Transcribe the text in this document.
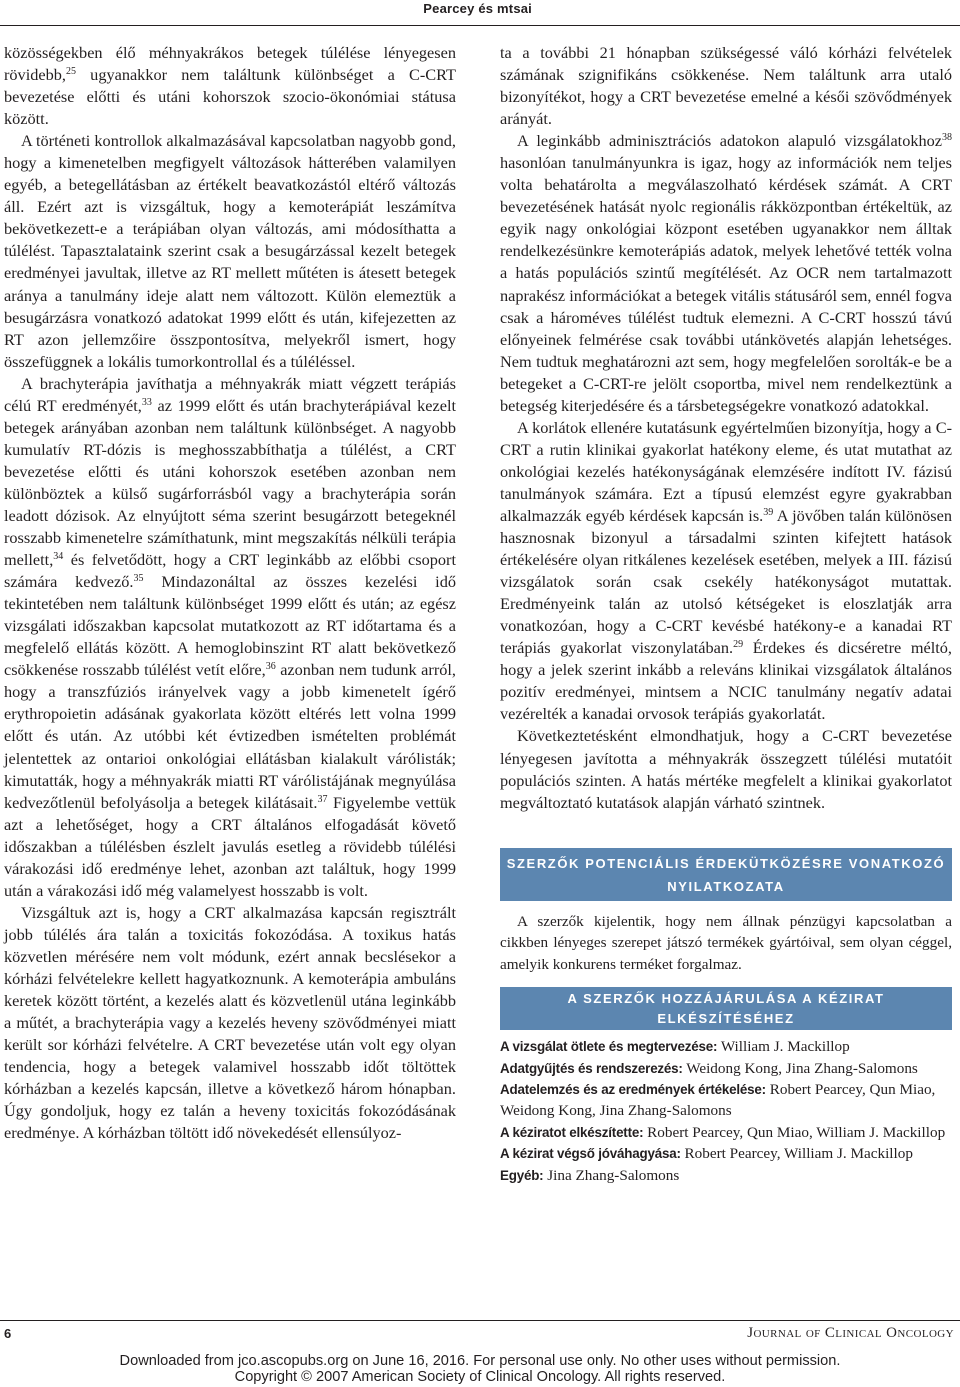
Pearcey és mtsai

közösségekben élő méhnyakrákos betegek túlélése lényegesen rövidebb,$^{25}$ ugyanakkor nem találtunk különbséget a C-CRT bevezetése előtti és utáni kohorszok szocio-ökonómiai státusa között.

A történeti kontrollok alkalmazásával kapcsolatban nagyobb gond, hogy a kimenetelben megfigyelt változások hátterében valamilyen egyéb, a betegellátásban az értékelt beavatkozástól eltérő változás áll. Ezért azt is vizsgáltuk, hogy a kemoterápiát leszámítva bekövetkezett-e a terápiában olyan változás, ami módosíthatta a túlélést. Tapasztalataink szerint csak a besugárzással kezelt betegek eredményei javultak, illetve az RT mellett műtéten is átesett betegek aránya a tanulmány ideje alatt nem változott. Külön elemeztük a besugárzásra vonatkozó adatokat 1999 előtt és után, kifejezetten az RT azon jellemzőire összpontosítva, melyekről ismert, hogy összefüggnek a lokális tumorkontrollal és a túléléssel.

A brachyterápia javíthatja a méhnyakrák miatt végzett terápiás célú RT eredményét,$^{33}$ az 1999 előtt és után brachyterápiával kezelt betegek arányában azonban nem találtunk különbséget. A nagyobb kumulatív RT-dózis is meghosszabbíthatja a túlélést, a CRT bevezetése előtti és utáni kohorszok esetében azonban nem különböztek a külső sugárforrásból vagy a brachyterápia során leadott dózisok. Az elnyújtott séma szerint besugárzott betegeknél rosszabb kimenetelre számíthatunk, mint megszakítás nélküli terápia mellett,$^{34}$ és felvetődött, hogy a CRT leginkább az előbbi csoport számára kedvező.$^{35}$ Mindazonáltal az összes kezelési idő tekintetében nem találtunk különbséget 1999 előtt és után; az egész vizsgálati időszakban kapcsolat mutatkozott az RT időtartama és a megfelelő ellátás között. A hemoglobinszint RT alatt bekövetkező csökkenése rosszabb túlélést vetít előre,$^{36}$ azonban nem tudunk arról, hogy a transzfúziós irányelvek vagy a jobb kimenetelt ígérő erythropoietin adásának gyakorlata között eltérés lett volna 1999 előtt és után. Az utóbbi két évtizedben ismételten problémát jelentettek az ontarioi onkológiai ellátásban kialakult várólisták; kimutatták, hogy a méhnyakrák miatti RT várólistájának megnyúlása kedvezőtlenül befolyásolja a betegek kilátásait.$^{37}$ Figyelembe vettük azt a lehetőséget, hogy a CRT általános elfogadását követő időszakban a túlélésben észlelt javulás esetleg a rövidebb túlélési várakozási idő eredménye lehet, azonban azt találtuk, hogy 1999 után a várakozási idő még valamelyest hosszabb is volt.

Vizsgáltuk azt is, hogy a CRT alkalmazása kapcsán regisztrált jobb túlélés ára talán a toxicitás fokozódása. A toxikus hatás közvetlen mérésére nem volt módunk, ezért annak becslésekor a kórházi felvételekre kellett hagyatkoznunk. A kemoterápia ambuláns keretek között történt, a kezelés alatt és közvetlenül utána leginkább a műtét, a brachyterápia vagy a kezelés heveny szövődményei miatt került sor kórházi felvételre. A CRT bevezetése után volt egy olyan tendencia, hogy a betegek valamivel hosszabb időt töltöttek kórházban a kezelés kapcsán, illetve a következő három hónapban. Úgy gondoljuk, hogy ez talán a heveny toxicitás fokozódásának eredménye. A kórházban töltött idő növekedését ellensúlyoz-

ta a további 21 hónapban szükségessé váló kórházi felvételek számának szignifikáns csökkenése. Nem találtunk arra utaló bizonyítékot, hogy a CRT bevezetése emelné a késői szövődmények arányát.

A leginkább adminisztrációs adatokon alapuló vizsgálatokhoz$^{38}$ hasonlóan tanulmányunkra is igaz, hogy az információk nem teljes volta behatárolta a megválaszolható kérdések számát. A CRT bevezetésének hatását nyolc regionális rákközpontban értékeltük, az egyik nagy onkológiai központ esetében ugyanakkor nem álltak rendelkezésünkre kemoterápiás adatok, melyek lehetővé tették volna a hatás populációs szintű megítélését. Az OCR nem tartalmazott naprakész információkat a betegek vitális státusáról sem, ennél fogva csak a hároméves túlélést tudtuk elemezni. A C-CRT hosszú távú előnyeinek felmérése csak további utánkövetés alapján lehetséges. Nem tudtuk meghatározni azt sem, hogy megfelelően sorolták-e be a betegeket a C-CRT-re jelölt csoportba, mivel nem rendelkeztünk a betegség kiterjedésére és a társbetegségekre vonatkozó adatokkal.

A korlátok ellenére kutatásunk egyértelműen bizonyítja, hogy a C-CRT a rutin klinikai gyakorlat hatékony eleme, és utat mutathat az onkológiai kezelés hatékonyságának elemzésére indított IV. fázisú tanulmányok számára. Ezt a típusú elemzést egyre gyakrabban alkalmazzák egyéb kérdések kapcsán is.$^{39}$ A jövőben talán különösen hasznosnak bizonyul a társadalmi szinten kifejtett hatások értékelésére olyan ritkálenes kezelések esetében, melyek a III. fázisú vizsgálatok során csak csekély hatékonyságot mutattak. Eredményeink talán az utolsó kétségeket is eloszlatják arra vonatkozóan, hogy a C-CRT kevésbé hatékony-e a kanadai RT terápiás gyakorlat viszonylatában.$^{29}$ Érdekes és dicséretre méltó, hogy a jelek szerint inkább a releváns klinikai vizsgálatok általános pozitív eredményei, mintsem a NCIC tanulmány negatív adatai vezérelték a kanadai orvosok terápiás gyakorlatát.

Következtetésként elmondhatjuk, hogy a C-CRT bevezetése lényegesen javította a méhnyakrák összegzett túlélési mutatóit populációs szinten. A hatás mértéke megfelelt a klinikai gyakorlatot megváltoztató kutatások alapján várható szintnek.

SZERZŐK POTENCIÁLIS ÉRDEKÜTKÖZÉSRE VONATKOZÓ NYILATKOZATA

A szerzők kijelentik, hogy nem állnak pénzügyi kapcsolatban a cikkben lényeges szerepet játszó termékek gyártóival, sem olyan céggel, amelyik konkurens terméket forgalmaz.

A SZERZŐK HOZZÁJÁRULÁSA A KÉZIRAT ELKÉSZÍTÉSÉHEZ

A vizsgálat ötlete és megtervezése: William J. Mackillop

Adatgyűjtés és rendszerezés: Weidong Kong, Jina Zhang-Salomons

Adatelemzés és az eredmények értékelése: Robert Pearcey, Qun Miao, Weidong Kong, Jina Zhang-Salomons

A kéziratot elkészítette: Robert Pearcey, Qun Miao, William J. Mackillop

A kézirat végső jóváhagyása: Robert Pearcey, William J. Mackillop

Egyéb: Jina Zhang-Salomons

6	Journal of Clinical Oncology
Downloaded from jco.ascopubs.org on June 16, 2016. For personal use only. No other uses without permission.
Copyright © 2007 American Society of Clinical Oncology. All rights reserved.
